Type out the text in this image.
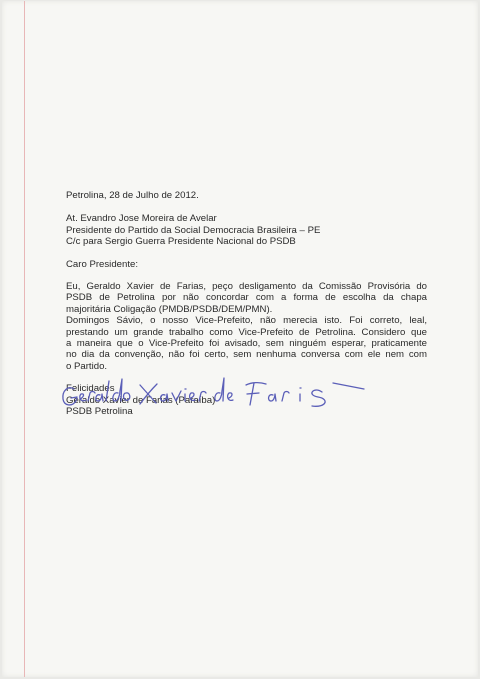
Petrolina, 28 de Julho de 2012.
At. Evandro Jose Moreira de Avelar
Presidente do Partido da Social Democracia Brasileira – PE
C/c para Sergio Guerra Presidente Nacional do PSDB
Caro Presidente:
Eu, Geraldo Xavier de Farias, peço desligamento da Comissão Provisória do
PSDB de Petrolina por não concordar com a forma de escolha da chapa
majoritária Coligação (PMDB/PSDB/DEM/PMN).
Domingos Sávio, o nosso Vice-Prefeito, não merecia isto. Foi correto, leal,
prestando um grande trabalho como Vice-Prefeito de Petrolina. Considero que
a maneira que o Vice-Prefeito foi avisado, sem ninguém esperar, praticamente
no dia da convenção, não foi certo, sem nenhuma conversa com ele nem com
o Partido.
Felicidades
Geraldo Xavier de Farias (Paraíba)
PSDB Petrolina
